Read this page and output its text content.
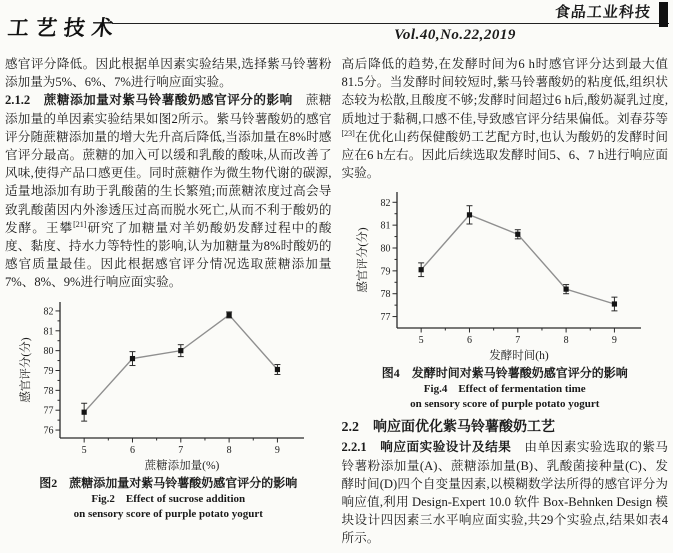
工艺技术
食品工业科技
Vol.40,No.22,2019

感官评分降低。因此根据单因素实验结果,选择紫马铃薯粉添加量为5%、6%、7%进行响应面实验。

2.1.2　蔗糖添加量对紫马铃薯酸奶感官评分的影响　蔗糖添加量的单因素实验结果如图2所示。紫马铃薯酸奶的感官评分随蔗糖添加量的增大先升高后降低,当添加量在8%时感官评分最高。蔗糖的加入可以缓和乳酸的酸味,从而改善了风味,使得产品口感更佳。同时蔗糖作为微生物代谢的碳源,适量地添加有助于乳酸菌的生长繁殖;而蔗糖浓度过高会导致乳酸菌因内外渗透压过高而脱水死亡,从而不利于酸奶的发酵。王攀[21]研究了加糖量对羊奶酸奶发酵过程中的酸度、黏度、持水力等特性的影响,认为加糖量为8%时酸奶的感官质量最佳。因此根据感官评分情况选取蔗糖添加量7%、8%、9%进行响应面实验。

76
77
78
79
80
81
82
5	6	7	8	9
蔗糖添加量(%)
感官评分(分)
图2　蔗糖添加量对紫马铃薯酸奶感官评分的影响
Fig.2　Effect of sucrose addition
on sensory score of purple potato yogurt

高后降低的趋势,在发酵时间为6 h时感官评分达到最大值81.5分。当发酵时间较短时,紫马铃薯酸奶的粘度低,组织状态较为松散,且酸度不够;发酵时间超过6 h后,酸奶凝乳过度,质地过于黏稠,口感不佳,导致感官评分结果偏低。刘春芬等[23]在优化山药保健酸奶工艺配方时,也认为酸奶的发酵时间应在6 h左右。因此后续选取发酵时间5、6、7 h进行响应面实验。

77
78
79
80
81
82
5	6	7	8	9
发酵时间(h)
感官评分(分)
图4　发酵时间对紫马铃薯酸奶感官评分的影响
Fig.4　Effect of fermentation time
on sensory score of purple potato yogurt
2.2　响应面优化紫马铃薯酸奶工艺

2.2.1　响应面实验设计及结果　由单因素实验选取的紫马铃薯粉添加量(A)、蔗糖添加量(B)、乳酸菌接种量(C)、发酵时间(D)四个自变量因素,以模糊数学法所得的感官评分为响应值,利用 Design-Expert 10.0 软件 Box-Behnken Design 模块设计四因素三水平响应面实验,共29个实验点,结果如表4所示。
